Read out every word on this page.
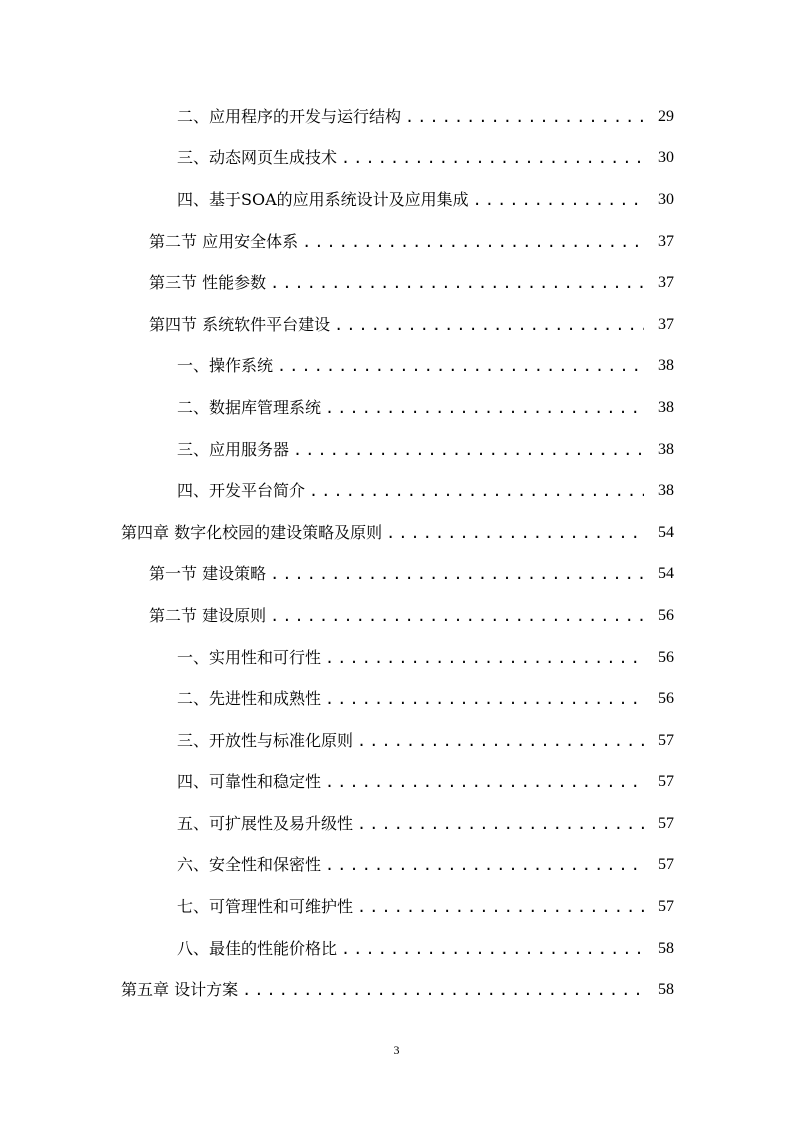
二、应用程序的开发与运行结构 .....	29
三、动态网页生成技术 .....	30
四、基于SOA的应用系统设计及应用集成 .....	30
第二节 应用安全体系 .....	37
第三节 性能参数 .....	37
第四节 系统软件平台建设 .....	37
一、操作系统 .....	38
二、数据库管理系统 .....	38
三、应用服务器 .....	38
四、开发平台简介 .....	38
第四章 数字化校园的建设策略及原则 .....	54
第一节 建设策略 .....	54
第二节 建设原则 .....	56
一、实用性和可行性 .....	56
二、先进性和成熟性 .....	56
三、开放性与标准化原则 .....	57
四、可靠性和稳定性 .....	57
五、可扩展性及易升级性 .....	57
六、安全性和保密性 .....	57
七、可管理性和可维护性 .....	57
八、最佳的性能价格比 .....	58
第五章 设计方案 .....	58
3
